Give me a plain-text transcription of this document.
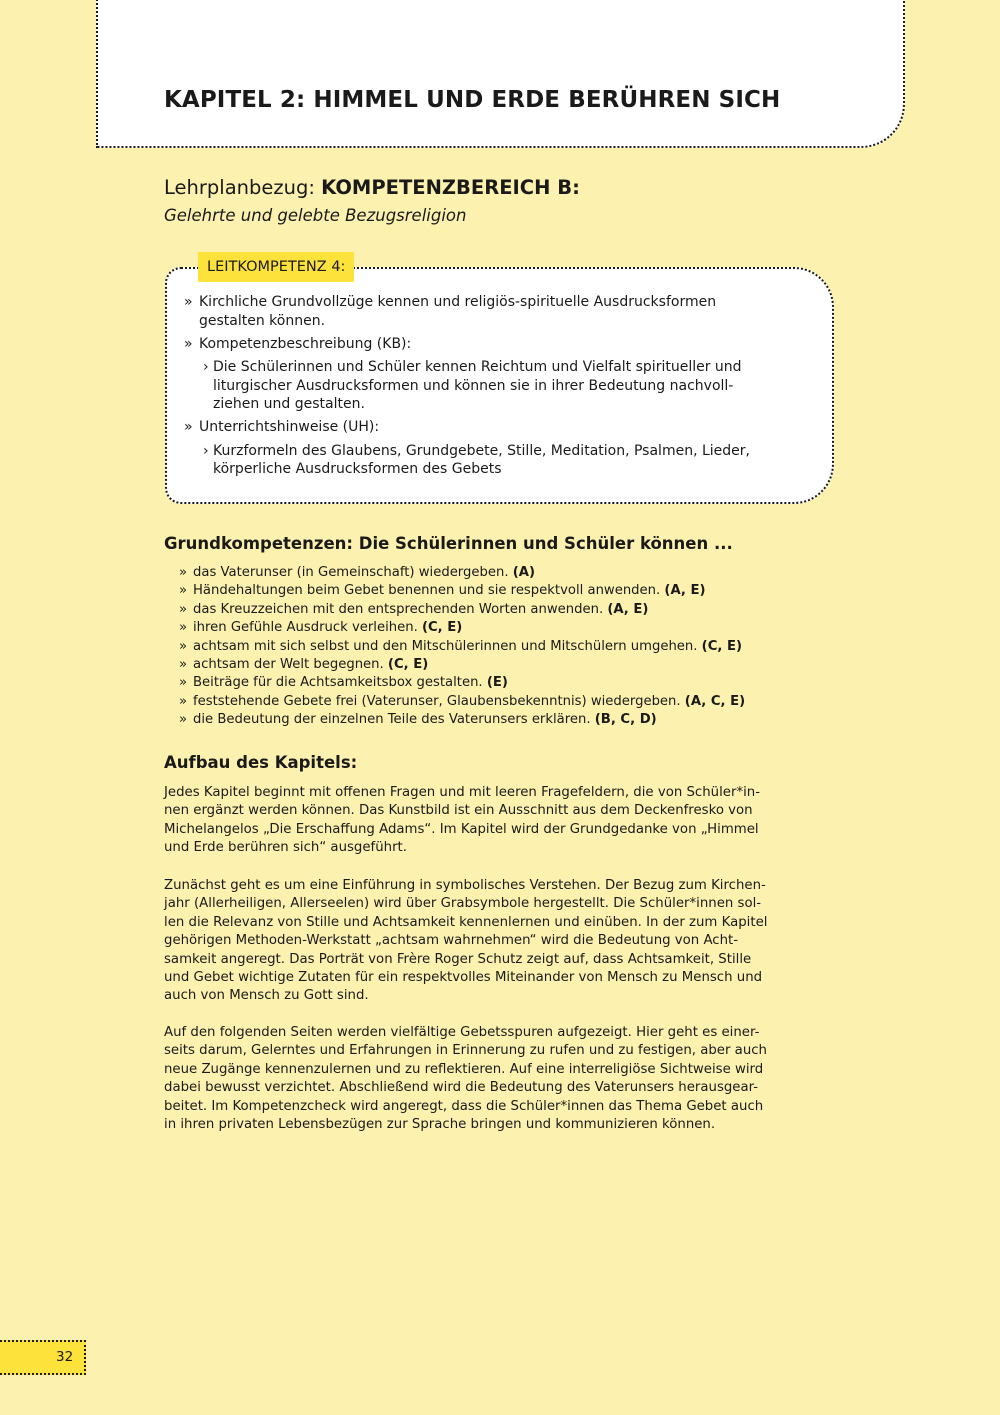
KAPITEL 2: HIMMEL UND ERDE BERÜHREN SICH
Lehrplanbezug: KOMPETENZBEREICH B:
Gelehrte und gelebte Bezugsreligion
LEITKOMPETENZ 4:
» Kirchliche Grundvollzüge kennen und religiös-spirituelle Ausdrucksformen
gestalten können.
» Kompetenzbeschreibung (KB):
› Die Schülerinnen und Schüler kennen Reichtum und Vielfalt spiritueller und
liturgischer Ausdrucksformen und können sie in ihrer Bedeutung nachvoll-
ziehen und gestalten.
» Unterrichtshinweise (UH):
› Kurzformeln des Glaubens, Grundgebete, Stille, Meditation, Psalmen, Lieder,
körperliche Ausdrucksformen des Gebets
Grundkompetenzen: Die Schülerinnen und Schüler können ...
» das Vaterunser (in Gemeinschaft) wiedergeben. (A)
» Händehaltungen beim Gebet benennen und sie respektvoll anwenden. (A, E)
» das Kreuzzeichen mit den entsprechenden Worten anwenden. (A, E)
» ihren Gefühle Ausdruck verleihen. (C, E)
» achtsam mit sich selbst und den Mitschülerinnen und Mitschülern umgehen. (C, E)
» achtsam der Welt begegnen. (C, E)
» Beiträge für die Achtsamkeitsbox gestalten. (E)
» feststehende Gebete frei (Vaterunser, Glaubensbekenntnis) wiedergeben. (A, C, E)
» die Bedeutung der einzelnen Teile des Vaterunsers erklären. (B, C, D)
Aufbau des Kapitels:

Jedes Kapitel beginnt mit offenen Fragen und mit leeren Fragefeldern, die von Schüler*in-
nen ergänzt werden können. Das Kunstbild ist ein Ausschnitt aus dem Deckenfresko von
Michelangelos „Die Erschaffung Adams“. Im Kapitel wird der Grundgedanke von „Himmel
und Erde berühren sich“ ausgeführt.

Zunächst geht es um eine Einführung in symbolisches Verstehen. Der Bezug zum Kirchen-
jahr (Allerheiligen, Allerseelen) wird über Grabsymbole hergestellt. Die Schüler*innen sol-
len die Relevanz von Stille und Achtsamkeit kennenlernen und einüben. In der zum Kapitel
gehörigen Methoden-Werkstatt „achtsam wahrnehmen“ wird die Bedeutung von Acht-
samkeit angeregt. Das Porträt von Frère Roger Schutz zeigt auf, dass Achtsamkeit, Stille
und Gebet wichtige Zutaten für ein respektvolles Miteinander von Mensch zu Mensch und
auch von Mensch zu Gott sind.

Auf den folgenden Seiten werden vielfältige Gebetsspuren aufgezeigt. Hier geht es einer-
seits darum, Gelerntes und Erfahrungen in Erinnerung zu rufen und zu festigen, aber auch
neue Zugänge kennenzulernen und zu reflektieren. Auf eine interreligiöse Sichtweise wird
dabei bewusst verzichtet. Abschließend wird die Bedeutung des Vaterunsers herausgear-
beitet. Im Kompetenzcheck wird angeregt, dass die Schüler*innen das Thema Gebet auch
in ihren privaten Lebensbezügen zur Sprache bringen und kommunizieren können.

32
